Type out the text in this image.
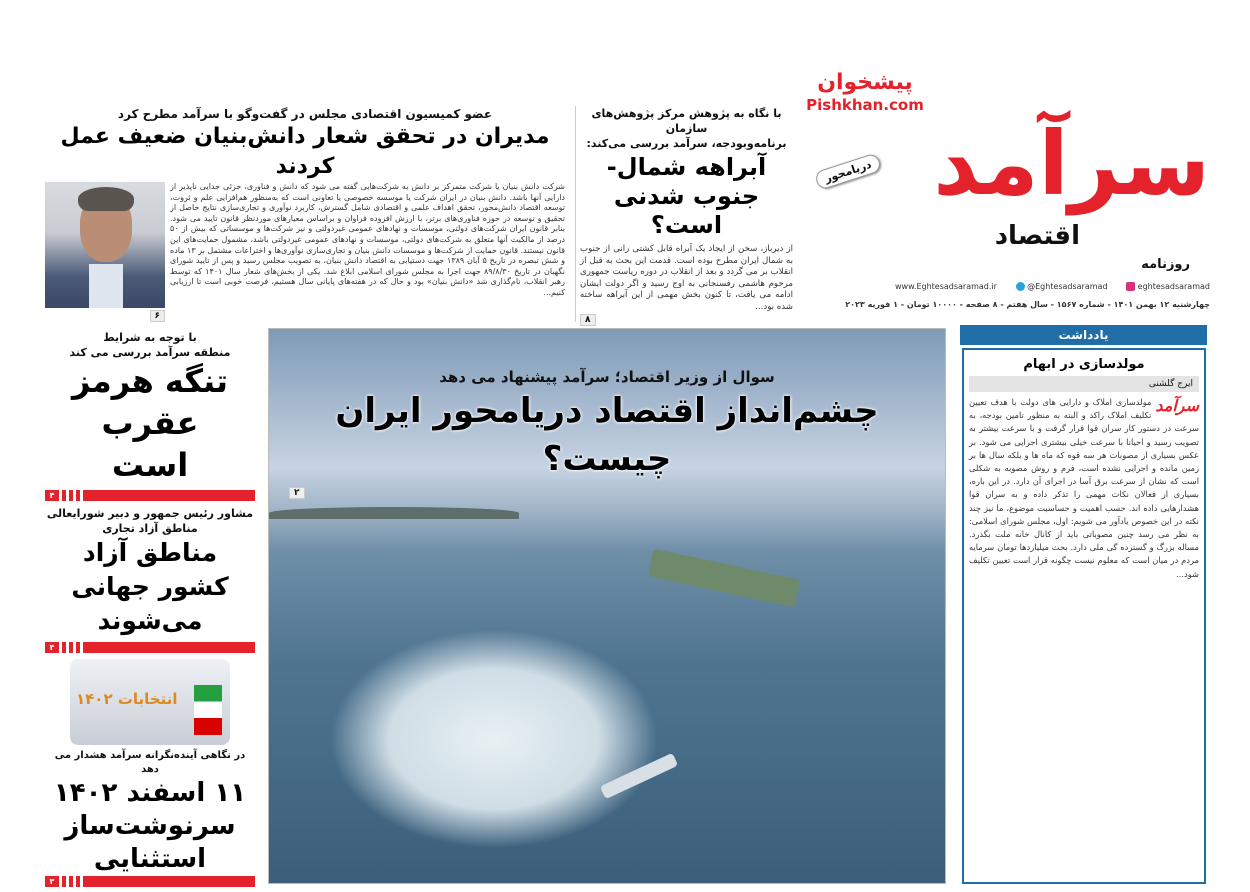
پیشخوان
Pishkhan.com
سرآمد
اقتصاد
دریامحور
روزنامه
www.Eghtesadsaramad.ir	@Eghtesadsaramad	eghtesadsaramad
چهارشنبه ۱۲ بهمن ۱۴۰۱ - شماره ۱۵۶۷ - سال هفتم - ۸ صفحه - ۱۰۰۰۰ تومان - ۱ فوریه ۲۰۲۳
با نگاه به پژوهش مرکز پژوهش‌های سازمان
برنامه‌وبودجه، سرآمد بررسی می‌کند:
آبراهه شمال-جنوب شدنی است؟
از دیرباز، سخن از ایجاد یک آبراه قابل کشتی رانی از جنوب به شمال ایران مطرح بوده است. قدمت این بحث به قبل از انقلاب بر می گردد و بعد از انقلاب در دوره ریاست جمهوری مرحوم هاشمی رفسنجانی به اوج رسید و اگر دولت ایشان ادامه می یافت، تا کنون بخش مهمی از این آبراهه ساخته شده بود...
۸
عضو کمیسیون اقتصادی مجلس در گفت‌وگو با سرآمد مطرح کرد
مدیران در تحقق شعار دانش‌بنیان ضعیف عمل کردند
شرکت دانش بنیان یا شرکت متمرکز بر دانش به شرکت‌هایی گفته می شود که دانش و فناوری، جزئی جدایی ناپذیر از دارایی آنها باشد. دانش بنیان در ایران شرکت یا موسسه خصوصی یا تعاونی است که به‌منظور هم‌افزایی علم و ثروت، توسعه اقتصاد دانش‌محور، تحقق اهداف علمی و اقتصادی شامل گسترش، کاربرد نوآوری و تجاری‌سازی نتایج حاصل از تحقیق و توسعه در حوزه فناوری‌های برتر، با ارزش افزوده فراوان و براساس معیارهای موردنظر قانون تایید می شود. بنابر قانون ایران شرکت‌های دولتی، موسسات و نهادهای عمومی غیردولتی و نیز شرکت‌ها و موسساتی که بیش از ۵۰ درصد از مالکیت آنها متعلق به شرکت‌های دولتی، موسسات و نهادهای عمومی غیردولتی باشد، مشمول حمایت‌های این قانون نیستند. قانون حمایت از شرکت‌ها و موسسات دانش بنیان و تجاری‌سازی نوآوری‌ها و اختراعات مشتمل بر ۱۳ ماده و شش تبصره در تاریخ ۵ آبان ۱۳۸۹ جهت دستیابی به اقتصاد دانش بنیان، به تصویب مجلس رسید و پس از تایید شورای نگهبان در تاریخ ۸۹/۸/۳۰ جهت اجرا به مجلس شورای اسلامی ابلاغ شد. یکی از بخش‌های شعار سال ۱۴۰۱ که توسط رهبر انقلاب، نام‌گذاری شد «دانش بنیان» بود و حال که در هفته‌های پایانی سال هستیم، فرصت خوبی است تا ارزیابی کنیم...
۶
با توجه به شرایط
منطقه سرآمد بررسی می کند
تنگه هرمز عقرب است
۴
مشاور رئیس جمهور و دبیر شورایعالی
مناطق آزاد تجاری
مناطق آزاد کشور جهانی می‌شوند
۴
انتخابات ۱۴۰۲
در نگاهی آینده‌نگرانه سرآمد هشدار می دهد
۱۱ اسفند ۱۴۰۲
سرنوشت‌ساز استثنایی
۳
سوال از وزیر اقتصاد؛ سرآمد پیشنهاد می دهد
چشم‌انداز اقتصاد دریامحور ایران چیست؟
۲
یادداشت
مولدسازی در ابهام
ایرج گلشنی
سرآمد
مولدسازی املاک و دارایی های دولت با هدف تعیین تکلیف املاک راکد و البته به منظور تامین بودجه، به سرعت در دستور کار سران قوا قرار گرفت و با سرعت بیشتر به تصویب رسید و احیانا با سرعت خیلی بیشتری اجرایی می شود. بر عکس بسیاری از مصوبات هر سه قوه که ماه ها و بلکه سال ها بر زمین مانده و اجرایی نشده است، فرم و روش مصوبه به شکلی است که نشان از سرعت برق آسا در اجرای آن دارد. در این باره، بسیاری از فعالان نکات مهمی را تذکر داده و به سران قوا هشدارهایی داده اند. حسب اهمیت و حساسیت موضوع، ما نیز چند نکته در این خصوص یادآور می شویم: اول، مجلس شورای اسلامی: به نظر می رسد چنین مصوباتی باید از کانال خانه ملت بگذرد. مساله بزرگ و گسترده گی ملی دارد. بحث میلیاردها تومان سرمایه مردم در میان است که معلوم نیست چگونه قرار است تعیین تکلیف شود...
